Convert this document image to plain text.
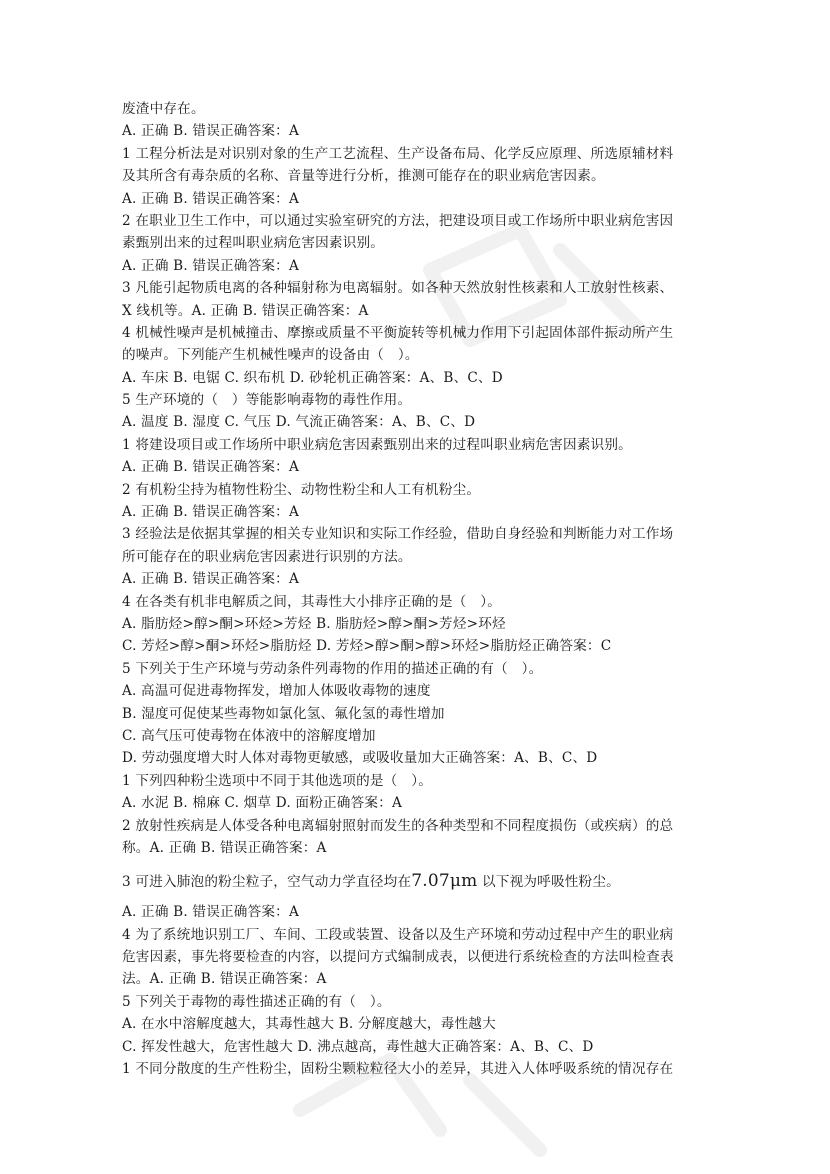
废渣中存在。
A. 正确 B. 错误正确答案：A
1 工程分析法是对识别对象的生产工艺流程、生产设备布局、化学反应原理、所选原辅材料
及其所含有毒杂质的名称、音量等进行分析，推测可能存在的职业病危害因素。
A. 正确 B. 错误正确答案：A
2 在职业卫生工作中，可以通过实验室研究的方法，把建设项目或工作场所中职业病危害因
素甄别出来的过程叫职业病危害因素识别。
A. 正确 B. 错误正确答案：A
3 凡能引起物质电离的各种辐射称为电离辐射。如各种天然放射性核素和人工放射性核素、
X 线机等。A. 正确 B. 错误正确答案：A
4 机械性噪声是机械撞击、摩擦或质量不平衡旋转等机械力作用下引起固体部件振动所产生
的噪声。下列能产生机械性噪声的设备由（　）。
A. 车床 B. 电锯 C. 织布机 D. 砂轮机正确答案：A、B、C、D
5 生产环境的（　）等能影响毒物的毒性作用。
A. 温度 B. 湿度 C. 气压 D. 气流正确答案：A、B、C、D
1 将建设项目或工作场所中职业病危害因素甄别出来的过程叫职业病危害因素识别。
A. 正确 B. 错误正确答案：A
2 有机粉尘持为植物性粉尘、动物性粉尘和人工有机粉尘。
A. 正确 B. 错误正确答案：A
3 经验法是依据其掌握的相关专业知识和实际工作经验，借助自身经验和判断能力对工作场
所可能存在的职业病危害因素进行识别的方法。
A. 正确 B. 错误正确答案：A
4 在各类有机非电解质之间，其毒性大小排序正确的是（　）。
A. 脂肪烃>醇>酮>环烃>芳烃 B. 脂肪烃>醇>酮>芳烃>环烃
C. 芳烃>醇>酮>环烃>脂肪烃 D. 芳烃>醇>酮>醇>环烃>脂肪烃正确答案：C
5 下列关于生产环境与劳动条件列毒物的作用的描述正确的有（　）。
A. 高温可促进毒物挥发，增加人体吸收毒物的速度
B. 湿度可促使某些毒物如氯化氢、氟化氢的毒性增加
C. 高气压可使毒物在体液中的溶解度增加
D. 劳动强度增大时人体对毒物更敏感，或吸收量加大正确答案：A、B、C、D
1 下列四种粉尘选项中不同于其他选项的是（　）。
A. 水泥 B. 棉麻 C. 烟草 D. 面粉正确答案：A
2 放射性疾病是人体受各种电离辐射照射而发生的各种类型和不同程度损伤（或疾病）的总
称。A. 正确 B. 错误正确答案：A
3 可进入肺泡的粉尘粒子，空气动力学直径均在7.07μm 以下视为呼吸性粉尘。
A. 正确 B. 错误正确答案：A
4 为了系统地识别工厂、车间、工段或装置、设备以及生产环境和劳动过程中产生的职业病
危害因素，事先将要检查的内容，以提问方式编制成表，以便进行系统检查的方法叫检查表
法。A. 正确 B. 错误正确答案：A
5 下列关于毒物的毒性描述正确的有（　）。
A. 在水中溶解度越大，其毒性越大 B. 分解度越大，毒性越大
C. 挥发性越大，危害性越大 D. 沸点越高，毒性越大正确答案：A、B、C、D
1 不同分散度的生产性粉尘，固粉尘颗粒粒径大小的差异，其进入人体呼吸系统的情况存在
